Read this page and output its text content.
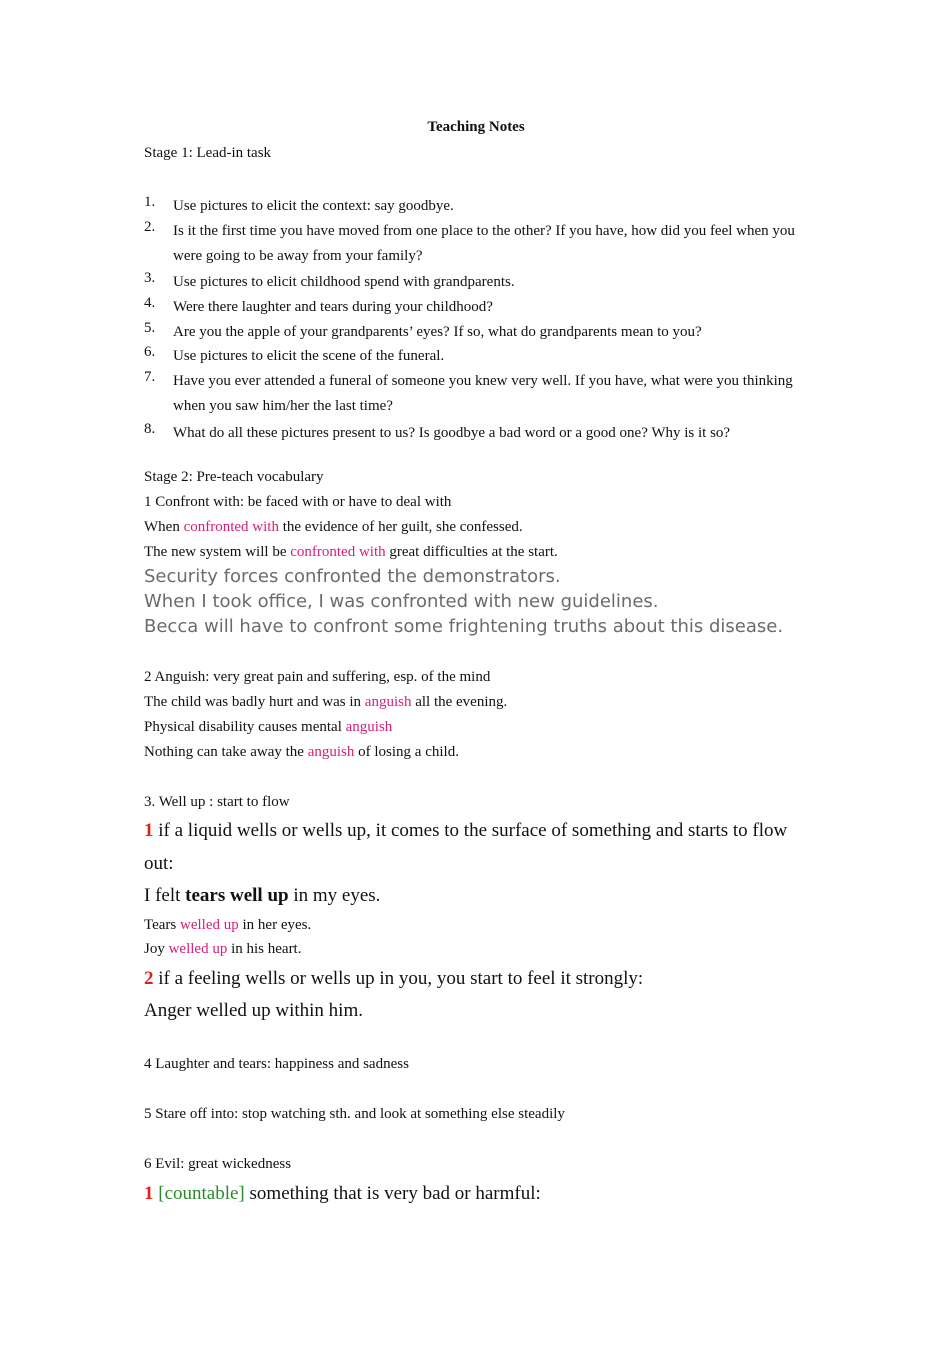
Teaching Notes
Stage 1: Lead-in task
1. Use pictures to elicit the context: say goodbye.
2. Is it the first time you have moved from one place to the other? If you have, how did you feel when you were going to be away from your family?
3. Use pictures to elicit childhood spend with grandparents.
4. Were there laughter and tears during your childhood?
5. Are you the apple of your grandparents’ eyes? If so, what do grandparents mean to you?
6. Use pictures to elicit the scene of the funeral.
7. Have you ever attended a funeral of someone you knew very well. If you have, what were you thinking when you saw him/her the last time?
8. What do all these pictures present to us? Is goodbye a bad word or a good one? Why is it so?
Stage 2: Pre-teach vocabulary
1 Confront with: be faced with or have to deal with
When confronted with the evidence of her guilt, she confessed.
The new system will be confronted with great difficulties at the start.
Security forces confronted the demonstrators.
When I took office, I was confronted with new guidelines.
Becca will have to confront some frightening truths about this disease.
2 Anguish: very great pain and suffering, esp. of the mind
The child was badly hurt and was in anguish all the evening.
Physical disability causes mental anguish
Nothing can take away the anguish of losing a child.
3. Well up : start to flow
1 if a liquid wells or wells up, it comes to the surface of something and starts to flow
out:
I felt tears well up in my eyes.
Tears welled up in her eyes.
Joy welled up in his heart.
2 if a feeling wells or wells up in you, you start to feel it strongly:
Anger welled up within him.
4 Laughter and tears: happiness and sadness
5 Stare off into: stop watching sth. and look at something else steadily
6 Evil: great wickedness
1 [countable] something that is very bad or harmful:
